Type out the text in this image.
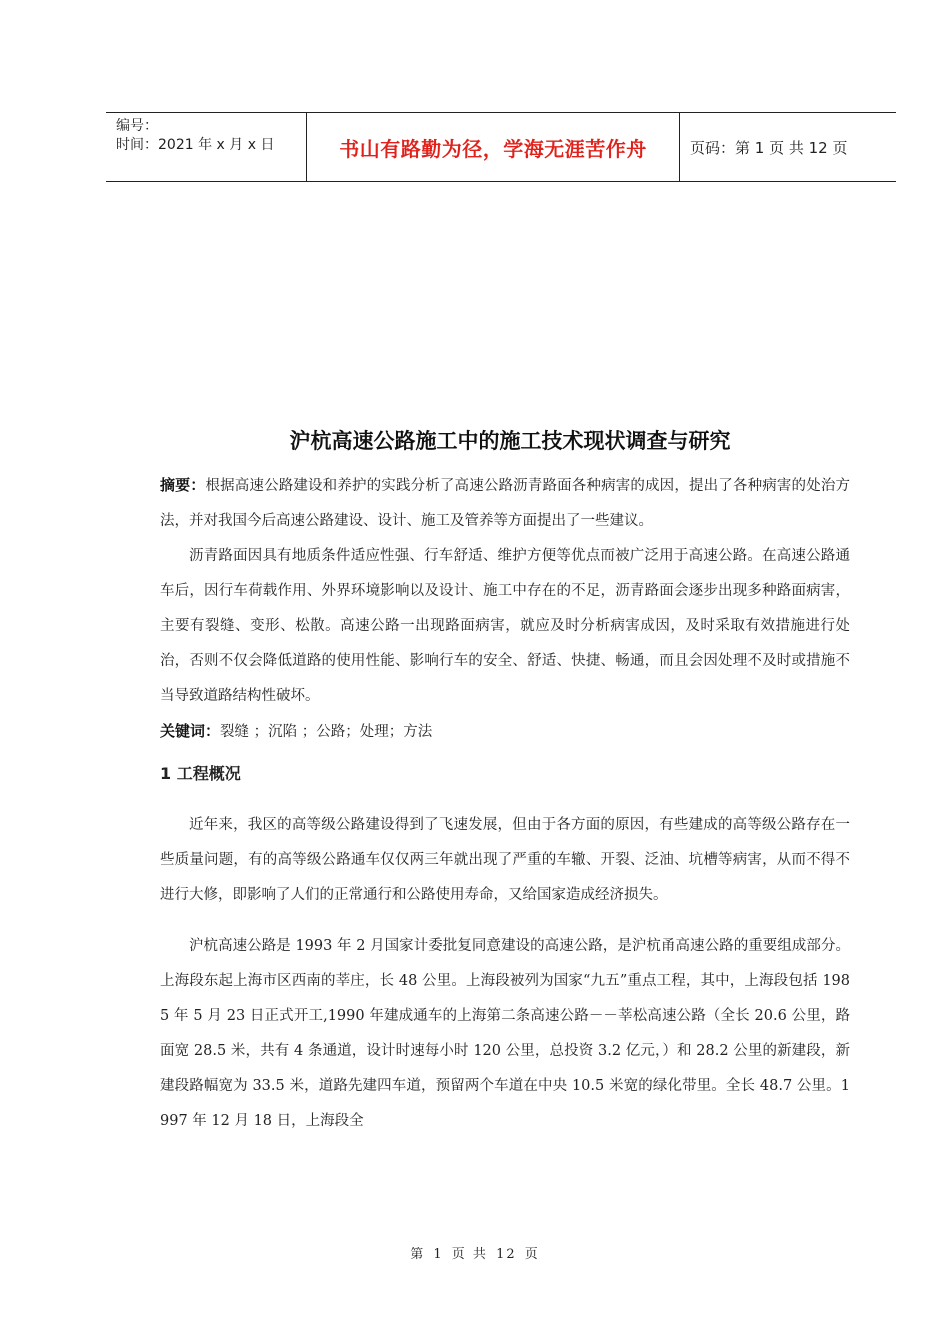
编号：
时间：2021 年 x 月 x 日	书山有路勤为径，学海无涯苦作舟	页码：第 1 页 共 12 页
沪杭高速公路施工中的施工技术现状调查与研究

摘要：根据高速公路建设和养护的实践分析了高速公路沥青路面各种病害的成因，提出了各种病害的处治方法，并对我国今后高速公路建设、设计、施工及管养等方面提出了一些建议。

沥青路面因具有地质条件适应性强、行车舒适、维护方便等优点而被广泛用于高速公路。在高速公路通车后，因行车荷载作用、外界环境影响以及设计、施工中存在的不足，沥青路面会逐步出现多种路面病害，主要有裂缝、变形、松散。高速公路一出现路面病害，就应及时分析病害成因，及时采取有效措施进行处治，否则不仅会降低道路的使用性能、影响行车的安全、舒适、快捷、畅通，而且会因处理不及时或措施不当导致道路结构性破坏。

关键词：裂缝 ；沉陷 ；公路；处理；方法

1 工程概况

近年来，我区的高等级公路建设得到了飞速发展，但由于各方面的原因，有些建成的高等级公路存在一些质量问题，有的高等级公路通车仅仅两三年就出现了严重的车辙、开裂、泛油、坑槽等病害，从而不得不进行大修，即影响了人们的正常通行和公路使用寿命，又给国家造成经济损失。

沪杭高速公路是 1993 年 2 月国家计委批复同意建设的高速公路，是沪杭甬高速公路的重要组成部分。上海段东起上海市区西南的莘庄，长 48 公里。上海段被列为国家“九五”重点工程，其中，上海段包括 1985 年 5 月 23 日正式开工,1990 年建成通车的上海第二条高速公路－－莘松高速公路（全长 20.6 公里，路面宽 28.5 米，共有 4 条通道，设计时速每小时 120 公里，总投资 3.2 亿元，）和 28.2 公里的新建段，新建段路幅宽为 33.5 米，道路先建四车道，预留两个车道在中央 10.5 米宽的绿化带里。全长 48.7 公里。1997 年 12 月 18 日，上海段全

第 1 页 共 12 页
